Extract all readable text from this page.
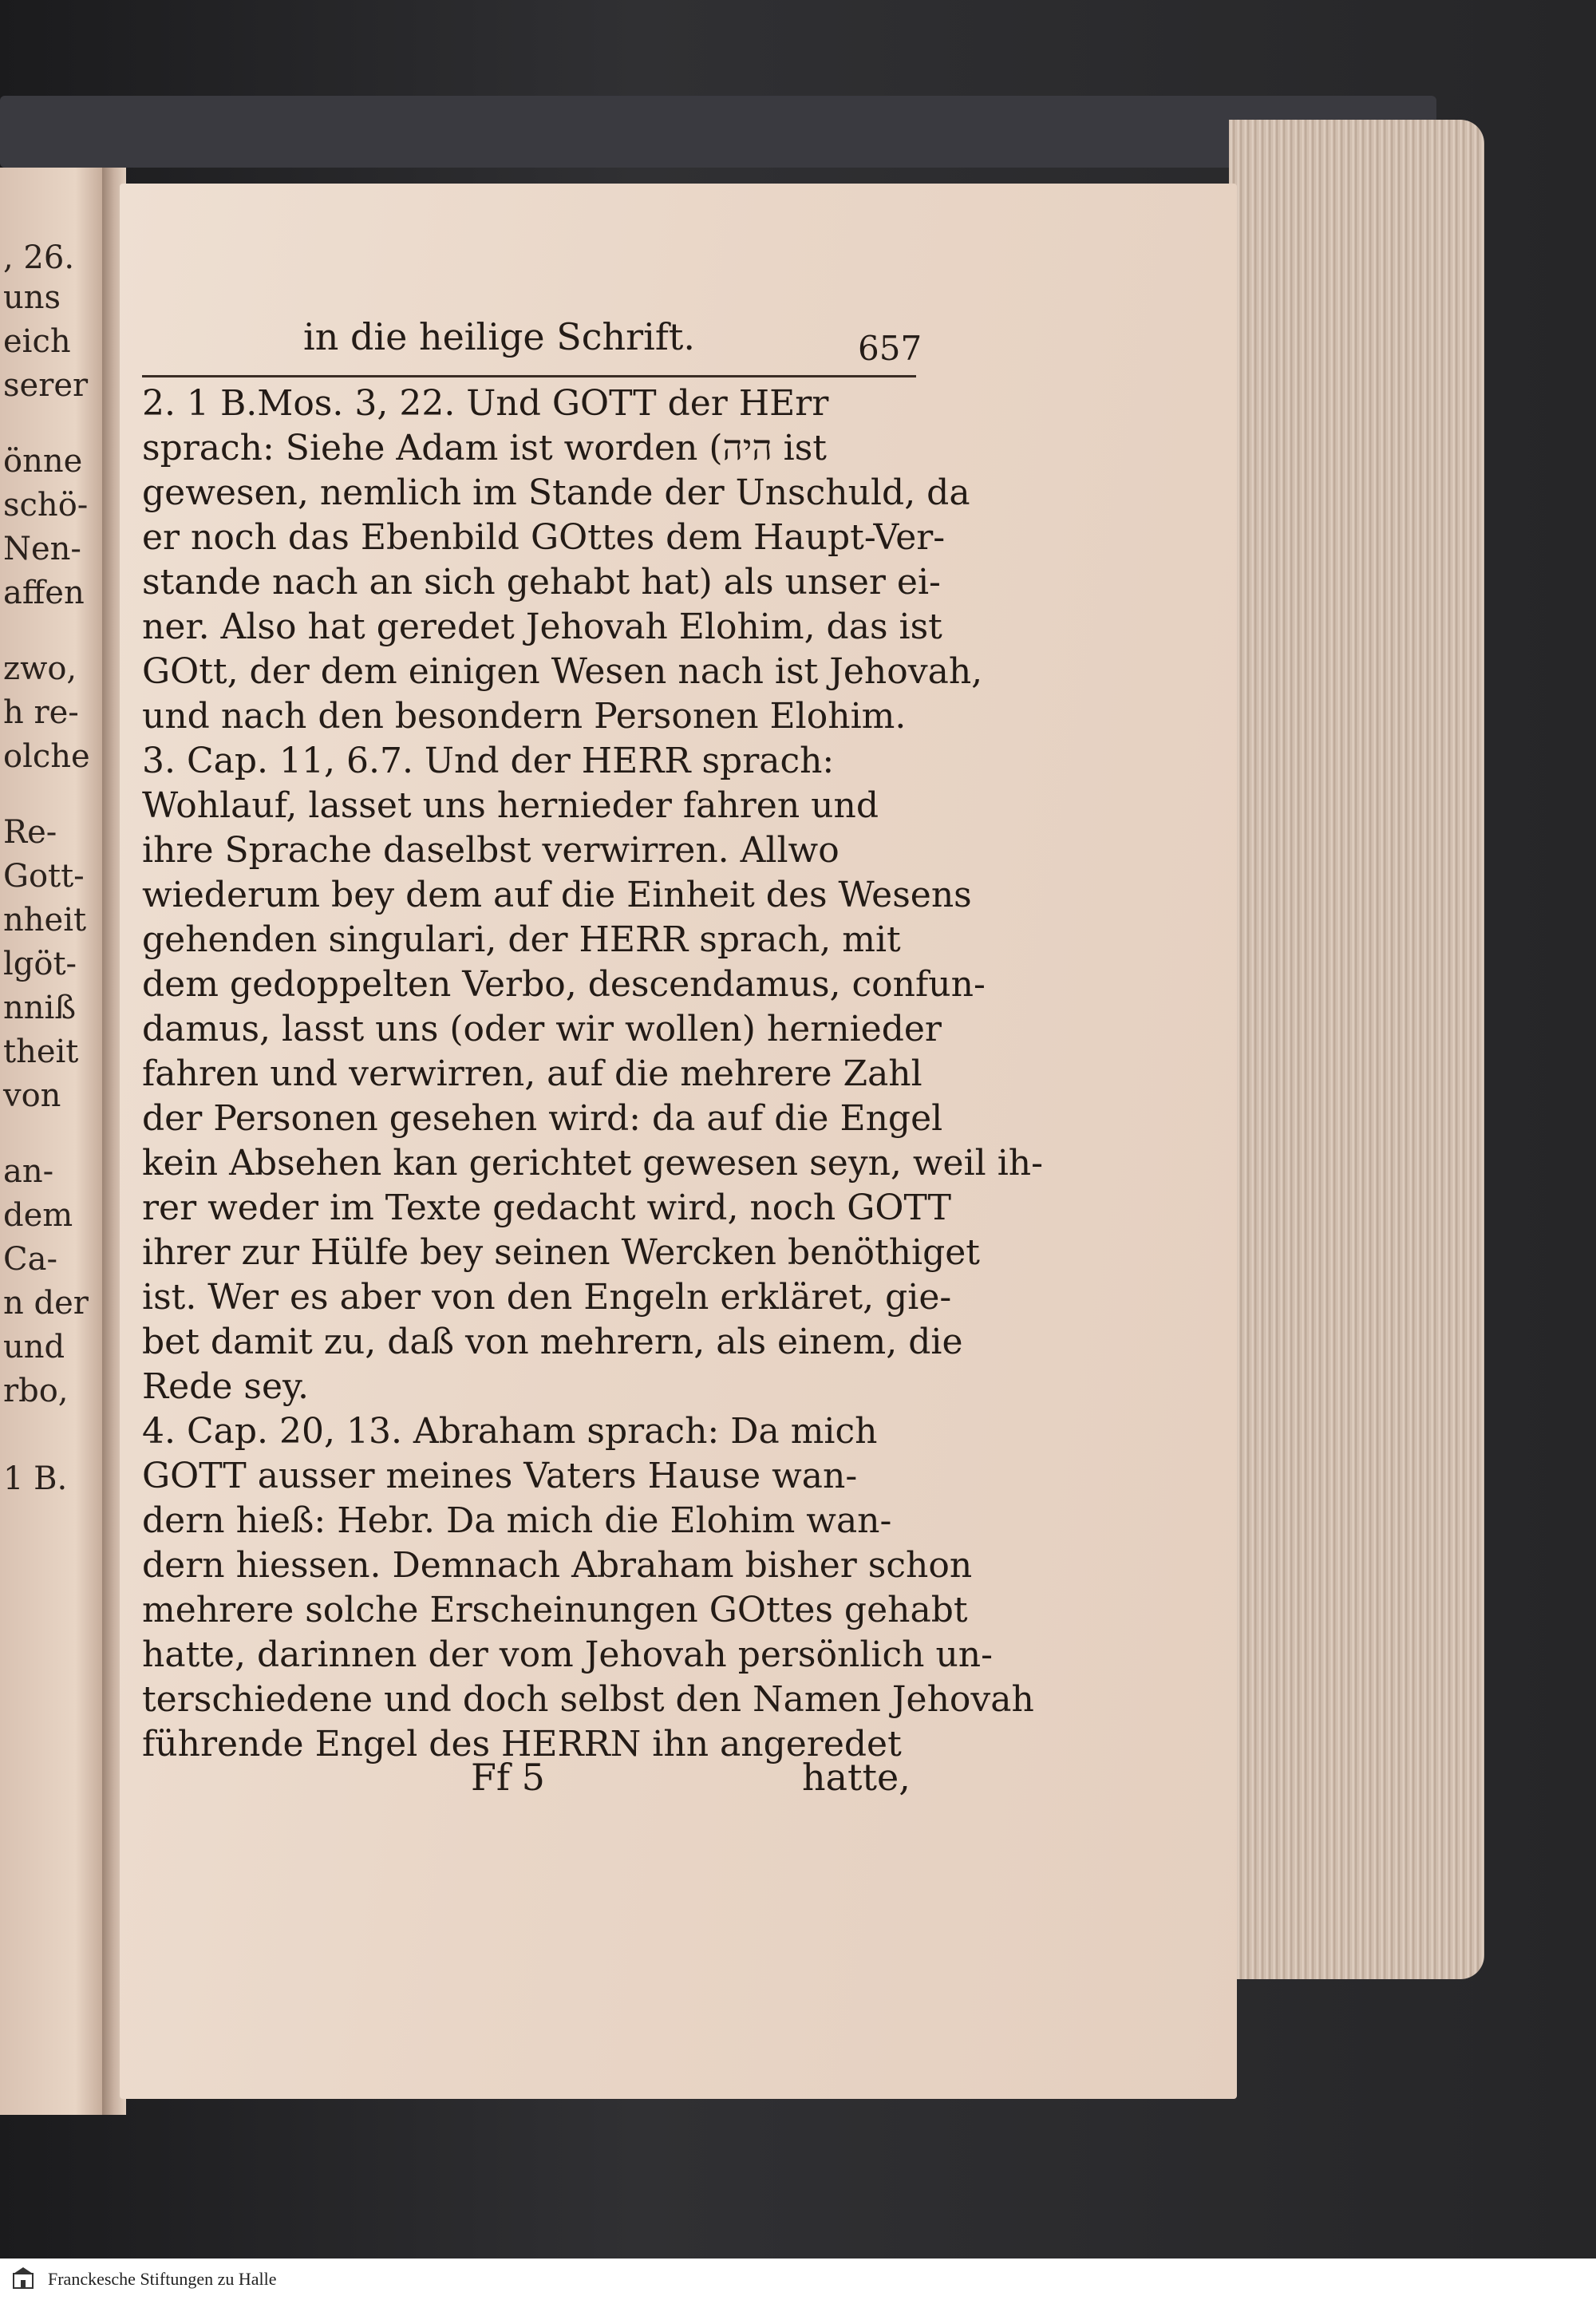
, 26.
uns
eich
serer
önne
schö-
Nen-
affen
zwo,
h re-
olche
Re-
Gott-
nheit
lgöt-
nniß
theit
von
an-
dem
Ca-
n der
und
rbo,
1 B.
in die heilige Schrift.	657
2. 1 B.Mos. 3, 22. Und GOTT der HErr
sprach: Siehe Adam ist worden (היה ist
gewesen, nemlich im Stande der Unschuld, da
er noch das Ebenbild GOttes dem Haupt-Ver-
stande nach an sich gehabt hat) als unser ei-
ner. Also hat geredet Jehovah Elohim, das ist
GOtt, der dem einigen Wesen nach ist Jehovah,
und nach den besondern Personen Elohim.
3. Cap. 11, 6.7. Und der HERR sprach:
Wohlauf, lasset uns hernieder fahren und
ihre Sprache daselbst verwirren. Allwo
wiederum bey dem auf die Einheit des Wesens
gehenden singulari, der HERR sprach, mit
dem gedoppelten Verbo, descendamus, confun-
damus, lasst uns (oder wir wollen) hernieder
fahren und verwirren, auf die mehrere Zahl
der Personen gesehen wird: da auf die Engel
kein Absehen kan gerichtet gewesen seyn, weil ih-
rer weder im Texte gedacht wird, noch GOTT
ihrer zur Hülfe bey seinen Wercken benöthiget
ist. Wer es aber von den Engeln erkläret, gie-
bet damit zu, daß von mehrern, als einem, die
Rede sey.
4. Cap. 20, 13. Abraham sprach: Da mich
GOTT ausser meines Vaters Hause wan-
dern hieß: Hebr. Da mich die Elohim wan-
dern hiessen. Demnach Abraham bisher schon
mehrere solche Erscheinungen GOttes gehabt
hatte, darinnen der vom Jehovah persönlich un-
terschiedene und doch selbst den Namen Jehovah
führende Engel des HERRN ihn angeredet
Ff 5	hatte,
Franckesche Stiftungen zu Halle
